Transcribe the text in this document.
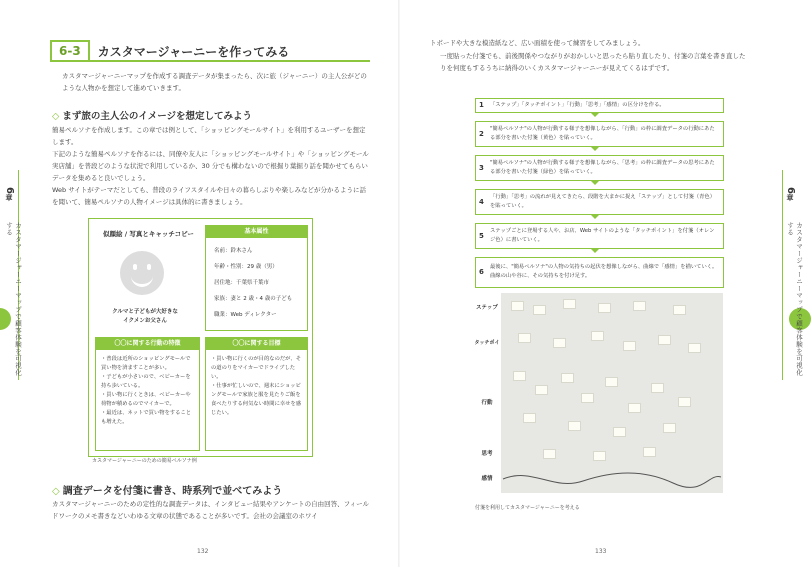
6-3	カスタマージャーニーを作ってみる
カスタマージャーニーマップを作成する調査データが集まったら、次に旅（ジャーニー）の主人公がどのような人物かを想定して進めていきます。
◇ まず旅の主人公のイメージを想定してみよう
簡易ペルソナを作成します。この章では例として、「ショッピングモールサイト」を利用するユーザーを想定します。
下記のような簡易ペルソナを作るには、同僚や友人に「ショッピングモールサイト」や「ショッピングモール実店舗」を普段どのような状況で利用しているか、30 分でも構わないので根掘り葉掘り話を聞かせてもらいデータを集めると良いでしょう。
Web サイトがテーマだとしても、普段のライフスタイルや日々の暮らしぶりや楽しみなどが分かるように話を聞いて、簡易ペルソナの人物イメージは具体的に書きましょう。
似顔絵 / 写真とキャッチコピー
クルマと子どもが大好きな
イクメンお父さん
基本属性
名前：鈴木さん
年齢・性別：29 歳（男）
居住地：千葉県千葉市
家族：妻と 2 歳・4 歳の子ども
職業：Web ディレクター
〇〇に関する行動の特徴
・普段は近所のショッピングモールで買い物を済ますことが多い。
・子どもが小さいので、ベビーカーを持ち歩いている。
・買い物に行くときは、ベビーカーや荷物が積めるのでマイカーで。
・最近は、ネットで買い物をすることも増えた。
〇〇に関する目標
・買い物に行くのが目的なのだが、その道のりをマイカーでドライブしたい。
・仕事が忙しいので、週末にショッピングモールで家族と服を見たりご飯を食べたりする何気ない時間に幸せを感じたい。
カスタマージャーニーのための簡易ペルソナ例
◇ 調査データを付箋に書き、時系列で並べてみよう
カスタマージャーニーのための定性的な調査データは、インタビュー結果やアンケートの自由回答、フィールドワークのメモ書きなどいわゆる文章の状態であることが多いです。会社の会議室のホワイ
6章
カスタマージャーニーマップで顧客体験を可視化する
132
トボードや大きな模造紙など、広い面積を使って練習をしてみましょう。
一度貼った付箋でも、前後関係やつながりがおかしいと思ったら貼り直したり、付箋の言葉を書き直したりを何度もするうちに納得のいくカスタマージャーニーが見えてくるはずです。
1 「ステップ」「タッチポイント」「行動」「思考」「感情」の区分けを作る。
2
"簡易ペルソナ"の人物が行動する様子を想像しながら、「行動」の枠に調査データの行動にあたる部分を書いた付箋（黄色）を貼っていく。
3
"簡易ペルソナ"の人物が行動する様子を想像しながら、「思考」の枠に調査データの思考にあたる部分を書いた付箋（緑色）を貼っていく。
4
「行動」「思考」の流れが見えてきたら、段階を大まかに捉え「ステップ」として付箋（青色）を貼っていく。
5
ステップごとに登場する人や、お店、Web サイトのような「タッチポイント」を付箋（オレンジ色）に書いていく。
6
最後に、"簡易ペルソナ"の人物の気持ちの起伏を想像しながら、曲線で「感情」を描いていく。曲線の山や谷に、その気持ちを付け足す。
ステップ
タッチポイ
行動
思考
感情
付箋を利用してカスタマージャーニーを考える
6章
カスタマージャーニーマップで顧客体験を可視化する
133
